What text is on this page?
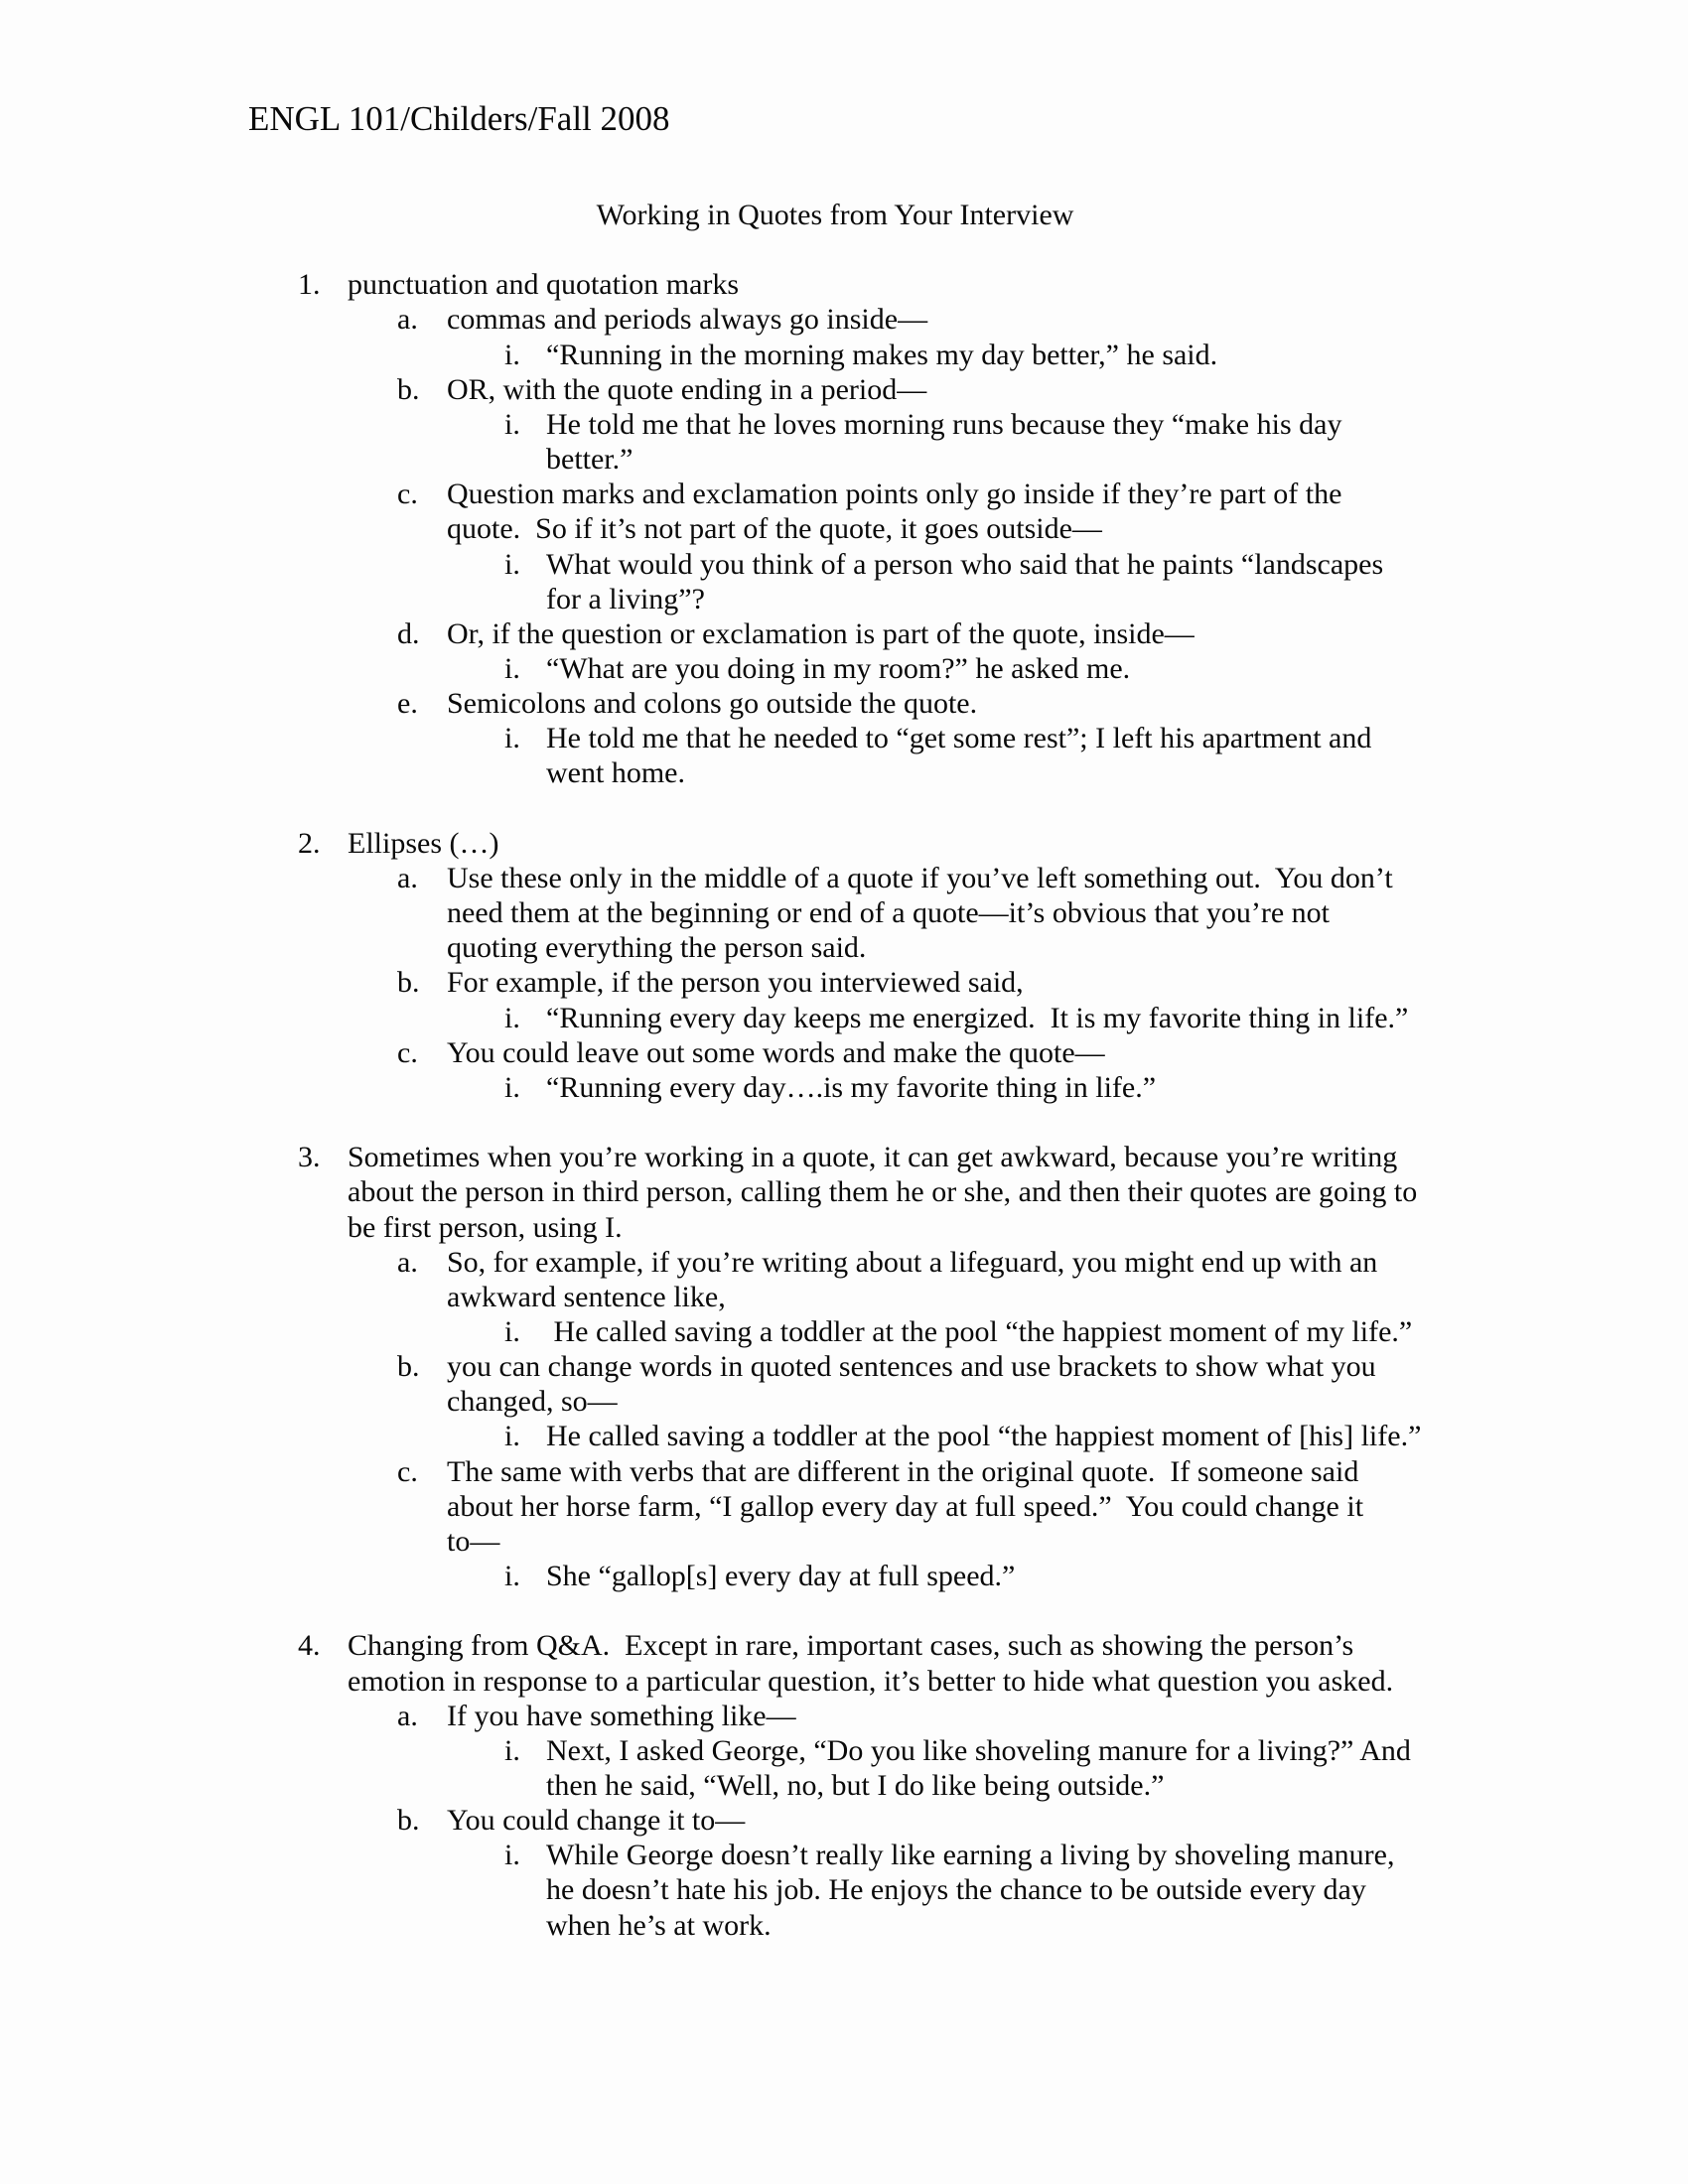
ENGL 101/Childers/Fall 2008
Working in Quotes from Your Interview
1. punctuation and quotation marks
a. commas and periods always go inside—
i. “Running in the morning makes my day better,” he said.
b. OR, with the quote ending in a period—
i. He told me that he loves morning runs because they “make his day
better.”
c. Question marks and exclamation points only go inside if they’re part of the
quote.  So if it’s not part of the quote, it goes outside—
i. What would you think of a person who said that he paints “landscapes
for a living”?
d. Or, if the question or exclamation is part of the quote, inside—
i. “What are you doing in my room?” he asked me.
e. Semicolons and colons go outside the quote.
i. He told me that he needed to “get some rest”; I left his apartment and
went home.
2. Ellipses (…)
a. Use these only in the middle of a quote if you’ve left something out.  You don’t
need them at the beginning or end of a quote—it’s obvious that you’re not
quoting everything the person said.
b. For example, if the person you interviewed said,
i. “Running every day keeps me energized.  It is my favorite thing in life.”
c. You could leave out some words and make the quote—
i. “Running every day….is my favorite thing in life.”
3. Sometimes when you’re working in a quote, it can get awkward, because you’re writing
about the person in third person, calling them he or she, and then their quotes are going to
be first person, using I.
a. So, for example, if you’re writing about a lifeguard, you might end up with an
awkward sentence like,
i. He called saving a toddler at the pool “the happiest moment of my life.”
b. you can change words in quoted sentences and use brackets to show what you
changed, so—
i. He called saving a toddler at the pool “the happiest moment of [his] life.”
c. The same with verbs that are different in the original quote.  If someone said
about her horse farm, “I gallop every day at full speed.”  You could change it
to—
i. She “gallop[s] every day at full speed.”
4. Changing from Q&A.  Except in rare, important cases, such as showing the person’s
emotion in response to a particular question, it’s better to hide what question you asked.
a. If you have something like—
i. Next, I asked George, “Do you like shoveling manure for a living?” And
then he said, “Well, no, but I do like being outside.”
b. You could change it to—
i. While George doesn’t really like earning a living by shoveling manure,
he doesn’t hate his job. He enjoys the chance to be outside every day
when he’s at work.
